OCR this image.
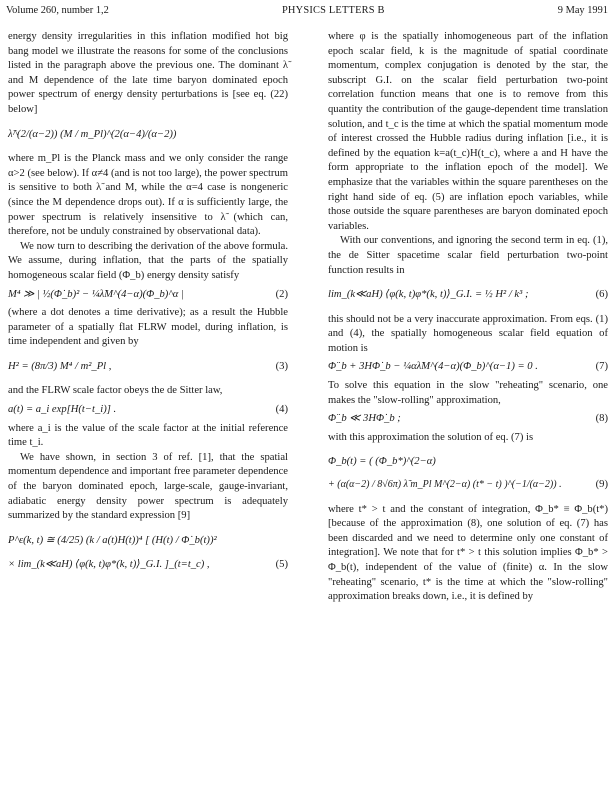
Volume 260, number 1,2	PHYSICS LETTERS B	9 May 1991

energy density irregularities in this inflation modified hot big bang model we illustrate the reasons for some of the conclusions listed in the paragraph above the previous one. The dominant λ̃ and M dependence of the late time baryon dominated epoch power spectrum of energy density perturbations is [see eq. (22) below]

λ̃^(2/(α−2)) (M / m_Pl)^(2(α−4)/(α−2))

where m_Pl is the Planck mass and we only consider the range α>2 (see below). If α≠4 (and is not too large), the power spectrum is sensitive to both λ̃ and M, while the α=4 case is nongeneric (since the M dependence drops out). If α is sufficiently large, the power spectrum is relatively insensitive to λ̃ (which can, therefore, not be unduly constrained by observational data).

We now turn to describing the derivation of the above formula. We assume, during inflation, that the parts of the spatially homogeneous scalar field (Φ_b) energy density satisfy

M⁴ ≫ | ½(Φ̇_b)² − ¼λ̃M^(4−α)(Φ_b)^α |	(2)

(where a dot denotes a time derivative); as a result the Hubble parameter of a spatially flat FLRW model, during inflation, is time independent and given by

H² = (8π/3) M⁴ / m²_Pl ,	(3)

and the FLRW scale factor obeys the de Sitter law,

a(t) = a_i exp[H(t−t_i)] .	(4)

where a_i is the value of the scale factor at the initial reference time t_i.

We have shown, in section 3 of ref. [1], that the spatial momentum dependence and important free parameter dependence of the baryon dominated epoch, large-scale, gauge-invariant, adiabatic energy density power spectrum is adequately summarized by the standard expression [9]

P^ε(k, t) ≅ (4/25) (k / a(t)H(t))⁴ [ (H(t) / Φ̇_b(t))²
× lim_(k≪aH) ⟨φ(k, t)φ*(k, t)⟩_G.I. ]_(t=t_c) ,	(5)

where φ is the spatially inhomogeneous part of the inflation epoch scalar field, k is the magnitude of spatial coordinate momentum, complex conjugation is denoted by the star, the subscript G.I. on the scalar field perturbation two-point correlation function means that one is to remove from this quantity the contribution of the gauge-dependent time translation solution, and t_c is the time at which the spatial momentum mode of interest crossed the Hubble radius during inflation [i.e., it is defined by the equation k=a(t_c)H(t_c), where a and H have the form appropriate to the inflation epoch of the model]. We emphasize that the variables within the square parentheses on the right hand side of eq. (5) are inflation epoch variables, while those outside the square parentheses are baryon dominated epoch variables.

With our conventions, and ignoring the second term in eq. (1), the de Sitter spacetime scalar field perturbation two-point function results in

lim_(k≪aH) ⟨φ(k, t)φ*(k, t)⟩_G.I. = ½ H² / k³ ;	(6)

this should not be a very inaccurate approximation. From eqs. (1) and (4), the spatially homogeneous scalar field equation of motion is

Φ̈_b + 3HΦ̇_b − ¼αλ̃M^(4−α)(Φ_b)^(α−1) = 0 .	(7)

To solve this equation in the slow "reheating" scenario, one makes the "slow-rolling" approximation,

Φ̈_b ≪ 3HΦ̇_b ;	(8)

with this approximation the solution of eq. (7) is

Φ_b(t) = ( (Φ_b*)^(2−α)
+ (α(α−2) / 8√6π) λ̃ m_Pl M^(2−α) (t* − t) )^(−1/(α−2)) .	(9)

where t* > t and the constant of integration, Φ_b* ≡ Φ_b(t*) [because of the approximation (8), one solution of eq. (7) has been discarded and we need to determine only one constant of integration]. We note that for t* > t this solution implies Φ_b* > Φ_b(t), independent of the value of (finite) α. In the slow "reheating" scenario, t* is the time at which the "slow-rolling" approximation breaks down, i.e., it is defined by
